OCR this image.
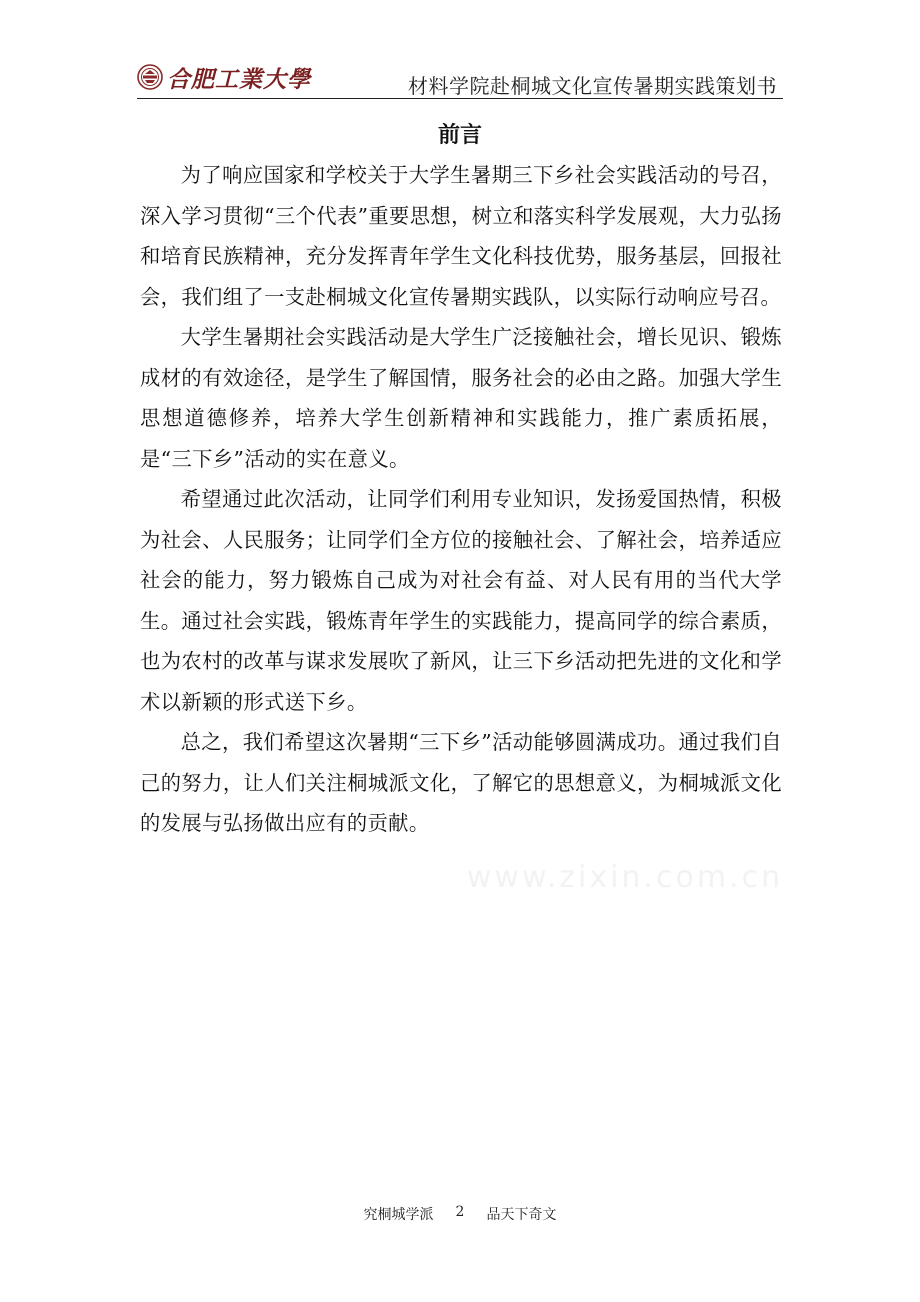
合肥工業大學	材料学院赴桐城文化宣传暑期实践策划书
前言

为了响应国家和学校关于大学生暑期三下乡社会实践活动的号召，深入学习贯彻“三个代表”重要思想，树立和落实科学发展观，大力弘扬和培育民族精神，充分发挥青年学生文化科技优势，服务基层，回报社会，我们组了一支赴桐城文化宣传暑期实践队，以实际行动响应号召。

大学生暑期社会实践活动是大学生广泛接触社会，增长见识、锻炼成材的有效途径，是学生了解国情，服务社会的必由之路。加强大学生思想道德修养，培养大学生创新精神和实践能力，推广素质拓展，是“三下乡”活动的实在意义。

希望通过此次活动，让同学们利用专业知识，发扬爱国热情，积极为社会、人民服务；让同学们全方位的接触社会、了解社会，培养适应社会的能力，努力锻炼自己成为对社会有益、对人民有用的当代大学生。通过社会实践，锻炼青年学生的实践能力，提高同学的综合素质，也为农村的改革与谋求发展吹了新风，让三下乡活动把先进的文化和学术以新颖的形式送下乡。

总之，我们希望这次暑期“三下乡”活动能够圆满成功。通过我们自己的努力，让人们关注桐城派文化，了解它的思想意义，为桐城派文化的发展与弘扬做出应有的贡献。

www.zixin.com.cn
究桐城学派 2 品天下奇文
